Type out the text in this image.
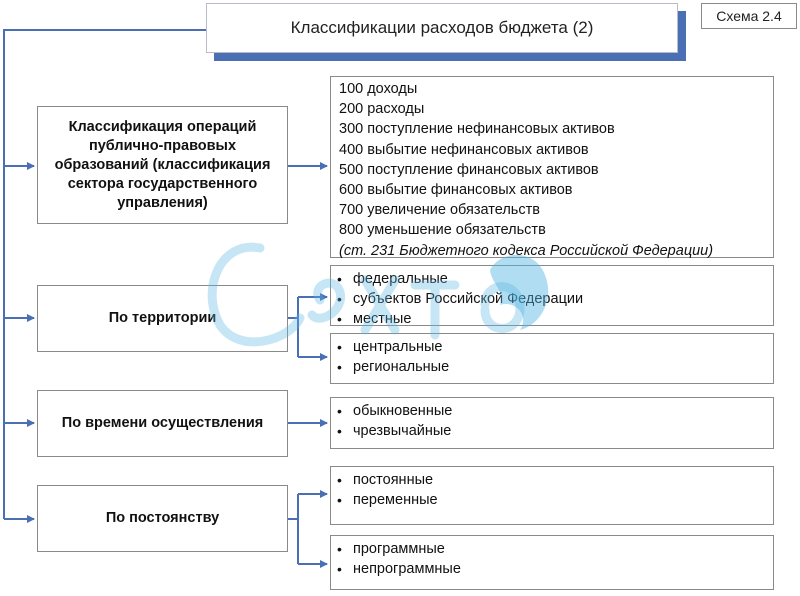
Классификации расходов бюджета (2)
Схема 2.4
Классификация операций публично-правовых образований (классификация сектора государственного управления)
По территории
По времени осуществления
По постоянству
100 доходы
200 расходы
300 поступление нефинансовых активов
400 выбытие нефинансовых активов
500 поступление финансовых активов
600 выбытие финансовых активов
700 увеличение обязательств
800 уменьшение обязательств
(ст. 231 Бюджетного кодекса Российской Федерации)
• федеральные
• субъектов Российской Федерации
• местные
• центральные
• региональные
• обыкновенные
• чрезвычайные
• постоянные
• переменные
• программные
• непрограммные
